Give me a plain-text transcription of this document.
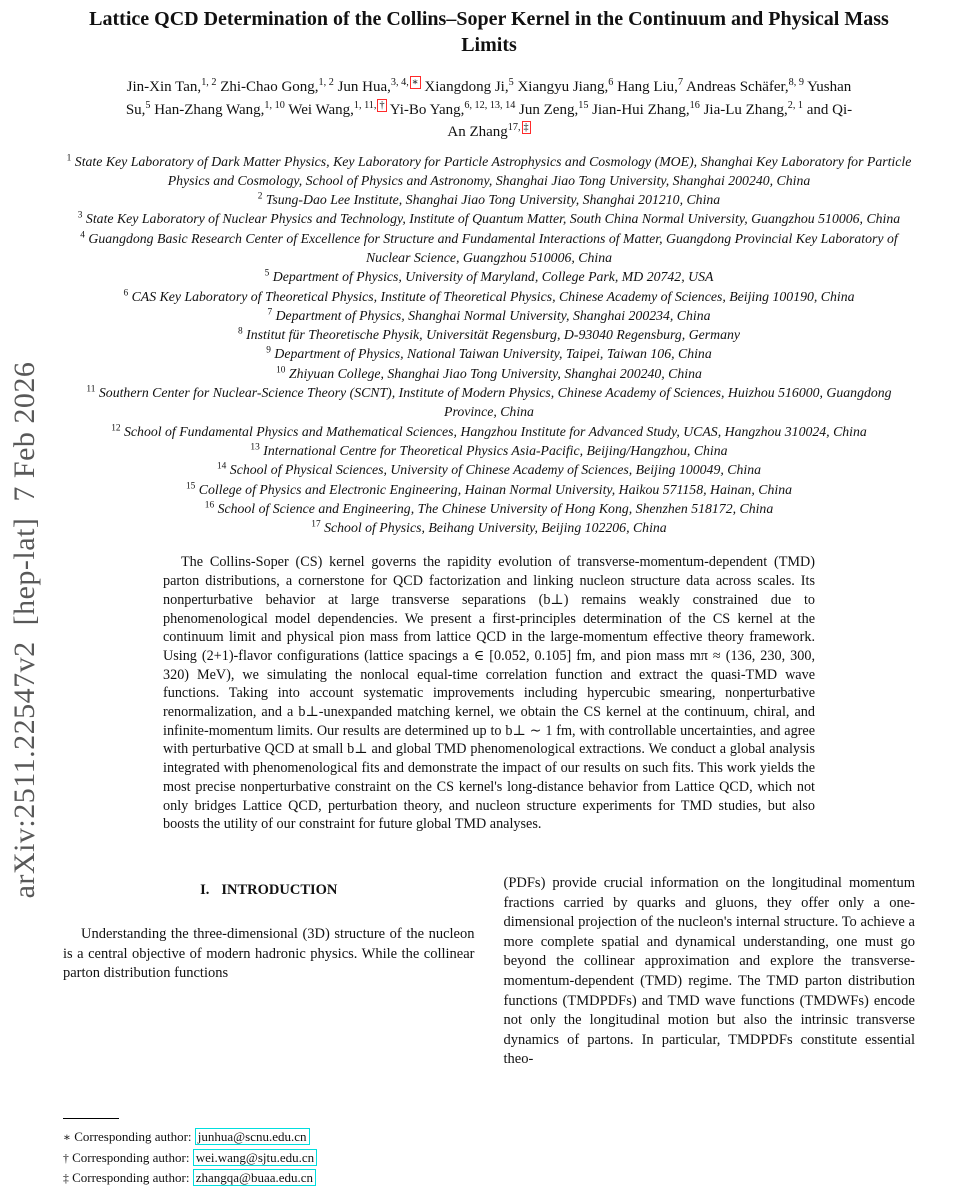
arXiv:2511.22547v2  [hep-lat]  7 Feb 2026
Lattice QCD Determination of the Collins–Soper Kernel in the Continuum and Physical Mass Limits
Jin-Xin Tan,$^{1, 2}$ Zhi-Chao Gong,$^{1, 2}$ Jun Hua,$^{3, 4,}$ ∗ Xiangdong Ji,$^5$ Xiangyu Jiang,$^6$ Hang Liu,$^7$ Andreas Schäfer,$^{8, 9}$ Yushan Su,$^5$ Han-Zhang Wang,$^{1, 10}$ Wei Wang,$^{1, 11,}$ † Yi-Bo Yang,$^{6, 12, 13, 14}$ Jun Zeng,$^{15}$ Jian-Hui Zhang,$^{16}$ Jia-Lu Zhang,$^{2, 1}$ and Qi-An Zhang$^{17,}$ ‡
$^1$ State Key Laboratory of Dark Matter Physics, Key Laboratory for Particle Astrophysics and Cosmology (MOE), Shanghai Key Laboratory for Particle Physics and Cosmology, School of Physics and Astronomy, Shanghai Jiao Tong University, Shanghai 200240, China
$^2$ Tsung-Dao Lee Institute, Shanghai Jiao Tong University, Shanghai 201210, China
$^3$ State Key Laboratory of Nuclear Physics and Technology, Institute of Quantum Matter, South China Normal University, Guangzhou 510006, China
$^4$ Guangdong Basic Research Center of Excellence for Structure and Fundamental Interactions of Matter, Guangdong Provincial Key Laboratory of Nuclear Science, Guangzhou 510006, China
$^5$ Department of Physics, University of Maryland, College Park, MD 20742, USA
$^6$ CAS Key Laboratory of Theoretical Physics, Institute of Theoretical Physics, Chinese Academy of Sciences, Beijing 100190, China
$^7$ Department of Physics, Shanghai Normal University, Shanghai 200234, China
$^8$ Institut für Theoretische Physik, Universität Regensburg, D-93040 Regensburg, Germany
$^9$ Department of Physics, National Taiwan University, Taipei, Taiwan 106, China
$^{10}$ Zhiyuan College, Shanghai Jiao Tong University, Shanghai 200240, China
$^{11}$ Southern Center for Nuclear-Science Theory (SCNT), Institute of Modern Physics, Chinese Academy of Sciences, Huizhou 516000, Guangdong Province, China
$^{12}$ School of Fundamental Physics and Mathematical Sciences, Hangzhou Institute for Advanced Study, UCAS, Hangzhou 310024, China
$^{13}$ International Centre for Theoretical Physics Asia-Pacific, Beijing/Hangzhou, China
$^{14}$ School of Physical Sciences, University of Chinese Academy of Sciences, Beijing 100049, China
$^{15}$ College of Physics and Electronic Engineering, Hainan Normal University, Haikou 571158, Hainan, China
$^{16}$ School of Science and Engineering, The Chinese University of Hong Kong, Shenzhen 518172, China
$^{17}$ School of Physics, Beihang University, Beijing 102206, China

The Collins-Soper (CS) kernel governs the rapidity evolution of transverse-momentum-dependent (TMD) parton distributions, a cornerstone for QCD factorization and linking nucleon structure data across scales. Its nonperturbative behavior at large transverse separations (b⊥) remains weakly constrained due to phenomenological model dependencies. We present a first-principles determination of the CS kernel at the continuum limit and physical pion mass from lattice QCD in the large-momentum effective theory framework. Using (2+1)-flavor configurations (lattice spacings a ∈ [0.052, 0.105] fm, and pion mass mπ ≈ (136, 230, 300, 320) MeV), we simulating the nonlocal equal-time correlation function and extract the quasi-TMD wave functions. Taking into account systematic improvements including hypercubic smearing, nonperturbative renormalization, and a b⊥-unexpanded matching kernel, we obtain the CS kernel at the continuum, chiral, and infinite-momentum limits. Our results are determined up to b⊥ ∼ 1 fm, with controllable uncertainties, and agree with perturbative QCD at small b⊥ and global TMD phenomenological extractions. We conduct a global analysis integrated with phenomenological fits and demonstrate the impact of our results on such fits. This work yields the most precise nonperturbative constraint on the CS kernel's long-distance behavior from Lattice QCD, which not only bridges Lattice QCD, perturbation theory, and nucleon structure experiments for TMD studies, but also boosts the utility of our constraint for future global TMD analyses.

I. INTRODUCTION

Understanding the three-dimensional (3D) structure of the nucleon is a central objective of modern hadronic physics. While the collinear parton distribution functions

(PDFs) provide crucial information on the longitudinal momentum fractions carried by quarks and gluons, they offer only a one-dimensional projection of the nucleon's internal structure. To achieve a more complete spatial and dynamical understanding, one must go beyond the collinear approximation and explore the transverse-momentum-dependent (TMD) regime. The TMD parton distribution functions (TMDPDFs) and TMD wave functions (TMDWFs) encode not only the longitudinal motion but also the intrinsic transverse dynamics of partons. In particular, TMDPDFs constitute essential theo-

∗ Corresponding author: junhua@scnu.edu.cn
† Corresponding author: wei.wang@sjtu.edu.cn
‡ Corresponding author: zhangqa@buaa.edu.cn
